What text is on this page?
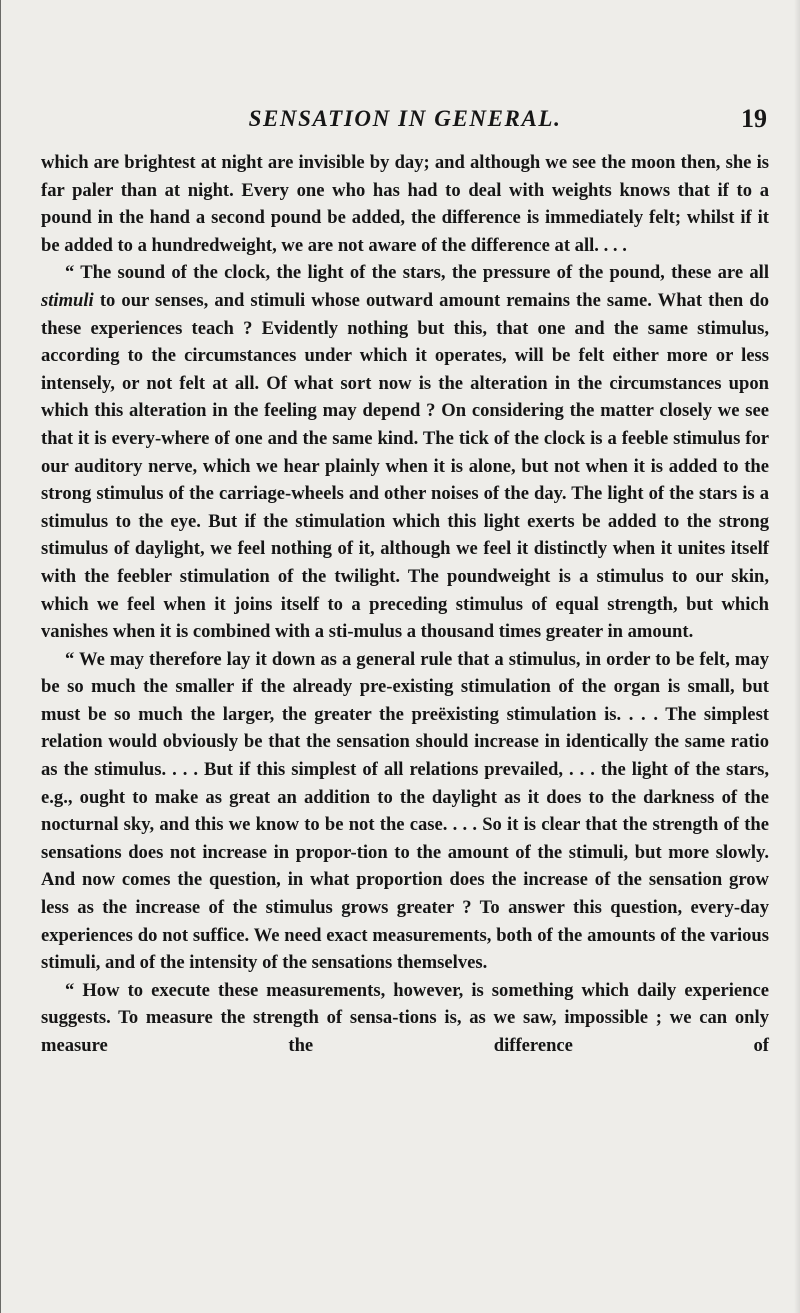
SENSATION IN GENERAL.	19

which are brightest at night are invisible by day; and although we see the moon then, she is far paler than at night. Every one who has had to deal with weights knows that if to a pound in the hand a second pound be added, the difference is immediately felt; whilst if it be added to a hundredweight, we are not aware of the difference at all. . . .

“ The sound of the clock, the light of the stars, the pressure of the pound, these are all stimuli to our senses, and stimuli whose outward amount remains the same. What then do these experiences teach ? Evidently nothing but this, that one and the same stimulus, according to the circumstances under which it operates, will be felt either more or less intensely, or not felt at all. Of what sort now is the alteration in the circumstances upon which this alteration in the feeling may depend ? On considering the matter closely we see that it is every-where of one and the same kind. The tick of the clock is a feeble stimulus for our auditory nerve, which we hear plainly when it is alone, but not when it is added to the strong stimulus of the carriage-wheels and other noises of the day. The light of the stars is a stimulus to the eye. But if the stimulation which this light exerts be added to the strong stimulus of daylight, we feel nothing of it, although we feel it distinctly when it unites itself with the feebler stimulation of the twilight. The poundweight is a stimulus to our skin, which we feel when it joins itself to a preceding stimulus of equal strength, but which vanishes when it is combined with a sti-mulus a thousand times greater in amount.

“ We may therefore lay it down as a general rule that a stimulus, in order to be felt, may be so much the smaller if the already pre-existing stimulation of the organ is small, but must be so much the larger, the greater the preëxisting stimulation is. . . . The simplest relation would obviously be that the sensation should increase in identically the same ratio as the stimulus. . . . But if this simplest of all relations prevailed, . . . the light of the stars, e.g., ought to make as great an addition to the daylight as it does to the darkness of the nocturnal sky, and this we know to be not the case. . . . So it is clear that the strength of the sensations does not increase in propor-tion to the amount of the stimuli, but more slowly. And now comes the question, in what proportion does the increase of the sensation grow less as the increase of the stimulus grows greater ? To answer this question, every-day experiences do not suffice. We need exact measurements, both of the amounts of the various stimuli, and of the intensity of the sensations themselves.

“ How to execute these measurements, however, is something which daily experience suggests. To measure the strength of sensa-tions is, as we saw, impossible ; we can only measure the difference of
